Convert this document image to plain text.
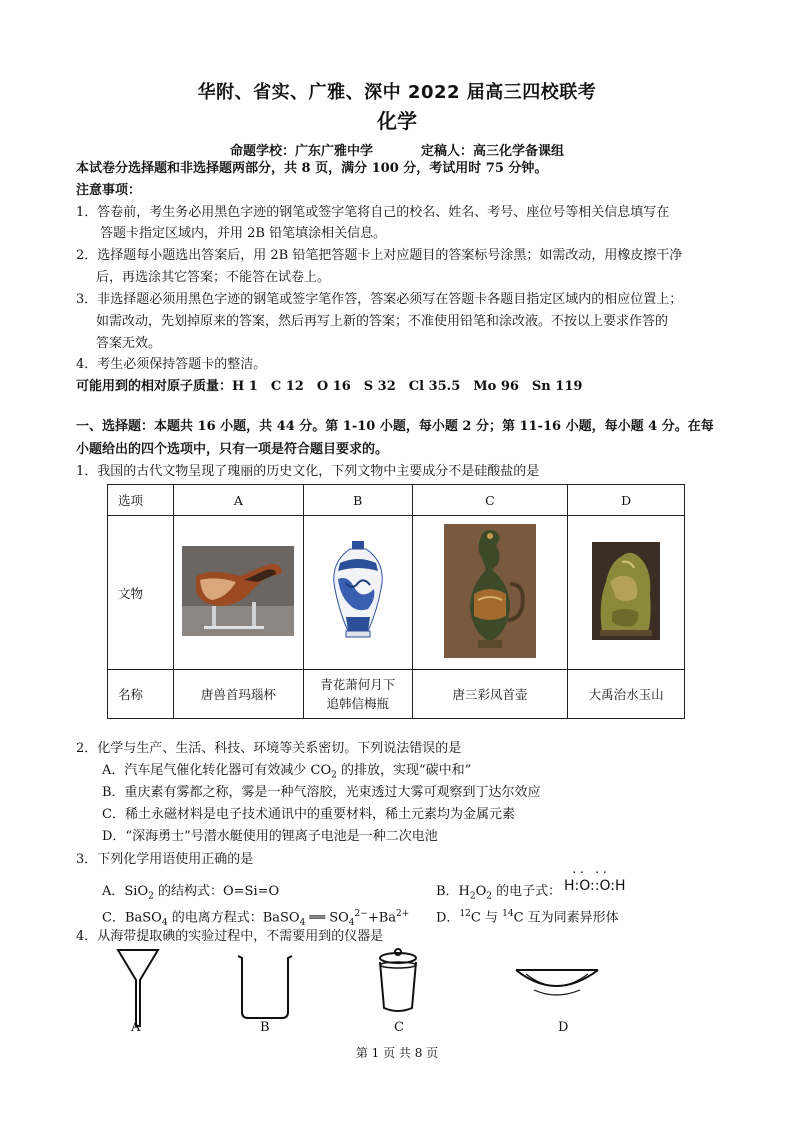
华附、省实、广雅、深中 2022 届高三四校联考
化学
命题学校：广东广雅中学	定稿人：高三化学备课组
本试卷分选择题和非选择题两部分，共 8 页，满分 100 分，考试用时 75 分钟。
注意事项：
1．答卷前，考生务必用黑色字迹的钢笔或签字笔将自己的校名、姓名、考号、座位号等相关信息填写在
答题卡指定区域内，并用 2B 铅笔填涂相关信息。
2．选择题每小题选出答案后，用 2B 铅笔把答题卡上对应题目的答案标号涂黑；如需改动，用橡皮擦干净
后，再选涂其它答案；不能答在试卷上。
3．非选择题必须用黑色字迹的钢笔或签字笔作答，答案必须写在答题卡各题目指定区域内的相应位置上；
如需改动，先划掉原来的答案，然后再写上新的答案；不准使用铅笔和涂改液。不按以上要求作答的
答案无效。
4．考生必须保持答题卡的整洁。
可能用到的相对原子质量：H 1　C 12　O 16　S 32　Cl 35.5　Mo 96　Sn 119
一、选择题：本题共 16 小题，共 44 分。第 1-10 小题，每小题 2 分；第 11-16 小题，每小题 4 分。在每
小题给出的四个选项中，只有一项是符合题目要求的。
1．我国的古代文物呈现了瑰丽的历史文化，下列文物中主要成分不是硅酸盐的是
选项	A	B	C	D
文物				
名称	唐兽首玛瑙杯	青花萧何月下
追韩信梅瓶	唐三彩凤首壶	大禹治水玉山
2．化学与生产、生活、科技、环境等关系密切。下列说法错误的是
A．汽车尾气催化转化器可有效减少 $CO_2$ 的排放，实现“碳中和”
B．重庆素有雾都之称，雾是一种气溶胶，光束透过大雾可观察到丁达尔效应
C．稀土永磁材料是电子技术通讯中的重要材料，稀土元素均为金属元素
D．“深海勇士”号潜水艇使用的锂离子电池是一种二次电池
3．下列化学用语使用正确的是
A．SiO$_2$ 的结构式：O=Si=O	B．$H_2O_2$ 的电子式：
·· ··
H:O::O:H
C．BaSO$_4$ 的电离方程式：BaSO$_4$ ══ $SO_4^{2-}+Ba^{2+}$	D．$^{12}$C 与 $^{14}$C 互为同素异形体
4．从海带提取碘的实验过程中，不需要用到的仪器是
A	B	C	D
第 1 页 共 8 页
